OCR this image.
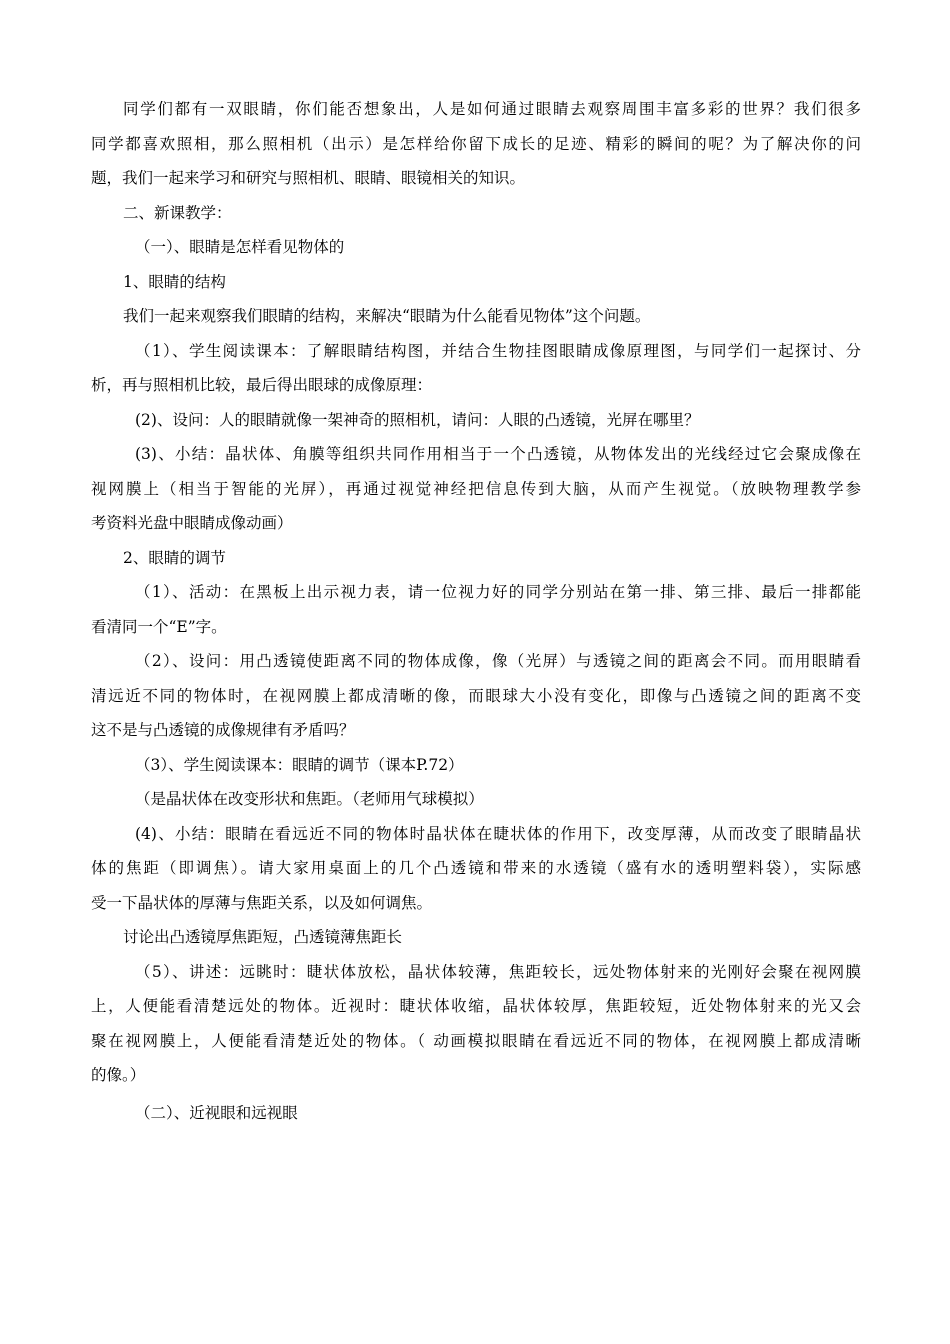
同学们都有一双眼睛，你们能否想象出，人是如何通过眼睛去观察周围丰富多彩的世界？我们很多
同学都喜欢照相，那么照相机（出示）是怎样给你留下成长的足迹、精彩的瞬间的呢？为了解决你的问
题，我们一起来学习和研究与照相机、眼睛、眼镜相关的知识。
二、新课教学：
（一）、眼睛是怎样看见物体的
1、眼睛的结构
我们一起来观察我们眼睛的结构，来解决“眼睛为什么能看见物体”这个问题。
（1）、学生阅读课本：了解眼睛结构图，并结合生物挂图眼睛成像原理图，与同学们一起探讨、分
析，再与照相机比较，最后得出眼球的成像原理：
(2)、设问：人的眼睛就像一架神奇的照相机，请问：人眼的凸透镜，光屏在哪里？
(3)、小结：晶状体、角膜等组织共同作用相当于一个凸透镜，从物体发出的光线经过它会聚成像在
视网膜上（相当于智能的光屏），再通过视觉神经把信息传到大脑，从而产生视觉。（放映物理教学参
考资料光盘中眼睛成像动画）
2、眼睛的调节
（1）、活动：在黑板上出示视力表，请一位视力好的同学分别站在第一排、第三排、最后一排都能
看清同一个“E”字。
（2）、设问：用凸透镜使距离不同的物体成像，像（光屏）与透镜之间的距离会不同。而用眼睛看
清远近不同的物体时，在视网膜上都成清晰的像，而眼球大小没有变化，即像与凸透镜之间的距离不变
这不是与凸透镜的成像规律有矛盾吗？
（3）、学生阅读课本：眼睛的调节（课本P.72）
（是晶状体在改变形状和焦距。（老师用气球模拟）
(4)、小结：眼睛在看远近不同的物体时晶状体在睫状体的作用下，改变厚薄，从而改变了眼睛晶状
体的焦距（即调焦）。请大家用桌面上的几个凸透镜和带来的水透镜（盛有水的透明塑料袋），实际感
受一下晶状体的厚薄与焦距关系，以及如何调焦。
讨论出凸透镜厚焦距短，凸透镜薄焦距长
（5）、讲述：远眺时：睫状体放松，晶状体较薄，焦距较长，远处物体射来的光刚好会聚在视网膜
上，人便能看清楚远处的物体。近视时：睫状体收缩，晶状体较厚，焦距较短，近处物体射来的光又会
聚在视网膜上，人便能看清楚近处的物体。（ 动画模拟眼睛在看远近不同的物体，在视网膜上都成清晰
的像。）
（二）、近视眼和远视眼
